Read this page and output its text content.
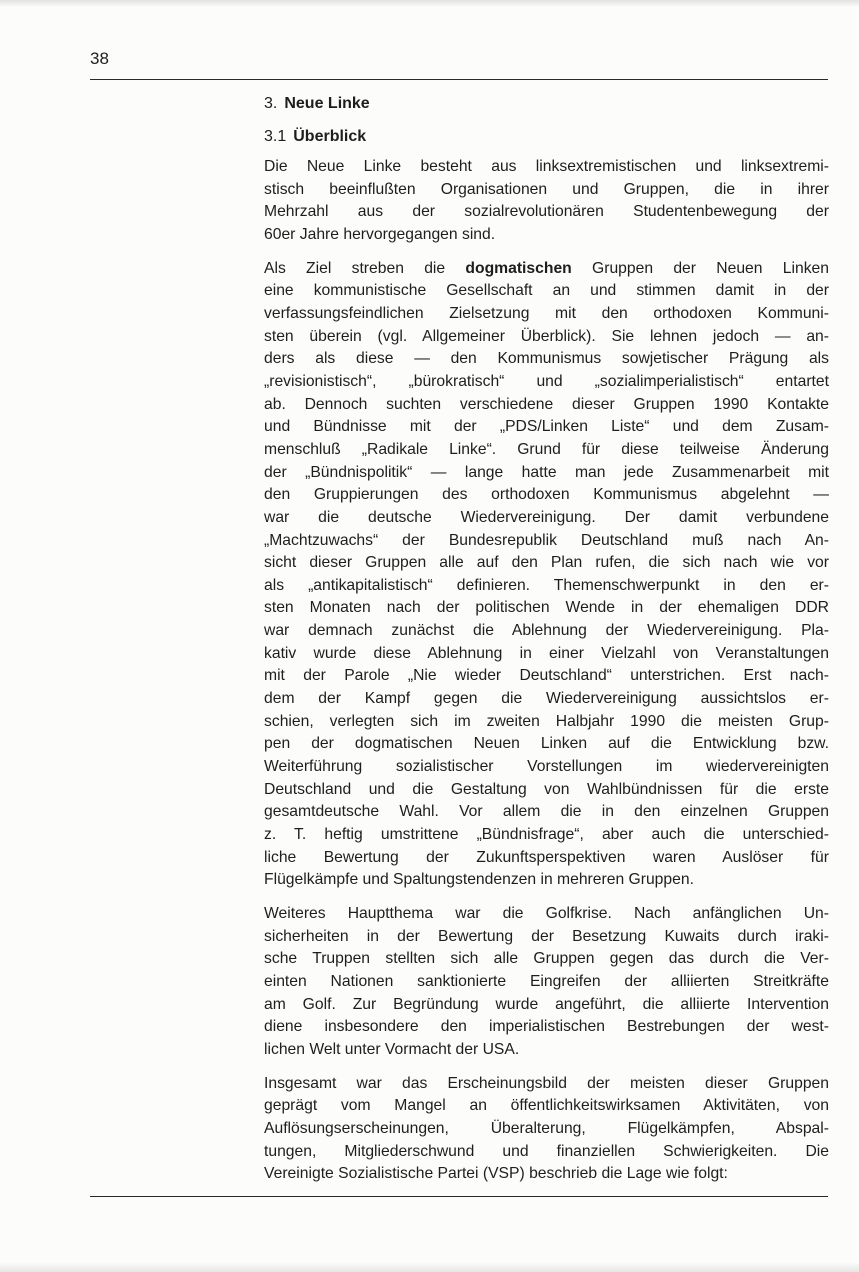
38
3. Neue Linke
3.1 Überblick
Die Neue Linke besteht aus linksextremistischen und linksextremi-
stisch beeinflußten Organisationen und Gruppen, die in ihrer
Mehrzahl aus der sozialrevolutionären Studentenbewegung der
60er Jahre hervorgegangen sind.
Als Ziel streben die dogmatischen Gruppen der Neuen Linken
eine kommunistische Gesellschaft an und stimmen damit in der
verfassungsfeindlichen Zielsetzung mit den orthodoxen Kommuni-
sten überein (vgl. Allgemeiner Überblick). Sie lehnen jedoch — an-
ders als diese — den Kommunismus sowjetischer Prägung als
„revisionistisch“, „bürokratisch“ und „sozialimperialistisch“ entartet
ab. Dennoch suchten verschiedene dieser Gruppen 1990 Kontakte
und Bündnisse mit der „PDS/Linken Liste“ und dem Zusam-
menschluß „Radikale Linke“. Grund für diese teilweise Änderung
der „Bündnispolitik“ — lange hatte man jede Zusammenarbeit mit
den Gruppierungen des orthodoxen Kommunismus abgelehnt —
war die deutsche Wiedervereinigung. Der damit verbundene
„Machtzuwachs“ der Bundesrepublik Deutschland muß nach An-
sicht dieser Gruppen alle auf den Plan rufen, die sich nach wie vor
als „antikapitalistisch“ definieren. Themenschwerpunkt in den er-
sten Monaten nach der politischen Wende in der ehemaligen DDR
war demnach zunächst die Ablehnung der Wiedervereinigung. Pla-
kativ wurde diese Ablehnung in einer Vielzahl von Veranstaltungen
mit der Parole „Nie wieder Deutschland“ unterstrichen. Erst nach-
dem der Kampf gegen die Wiedervereinigung aussichtslos er-
schien, verlegten sich im zweiten Halbjahr 1990 die meisten Grup-
pen der dogmatischen Neuen Linken auf die Entwicklung bzw.
Weiterführung sozialistischer Vorstellungen im wiedervereinigten
Deutschland und die Gestaltung von Wahlbündnissen für die erste
gesamtdeutsche Wahl. Vor allem die in den einzelnen Gruppen
z. T. heftig umstrittene „Bündnisfrage“, aber auch die unterschied-
liche Bewertung der Zukunftsperspektiven waren Auslöser für
Flügelkämpfe und Spaltungstendenzen in mehreren Gruppen.
Weiteres Hauptthema war die Golfkrise. Nach anfänglichen Un-
sicherheiten in der Bewertung der Besetzung Kuwaits durch iraki-
sche Truppen stellten sich alle Gruppen gegen das durch die Ver-
einten Nationen sanktionierte Eingreifen der alliierten Streitkräfte
am Golf. Zur Begründung wurde angeführt, die alliierte Intervention
diene insbesondere den imperialistischen Bestrebungen der west-
lichen Welt unter Vormacht der USA.
Insgesamt war das Erscheinungsbild der meisten dieser Gruppen
geprägt vom Mangel an öffentlichkeitswirksamen Aktivitäten, von
Auflösungserscheinungen, Überalterung, Flügelkämpfen, Abspal-
tungen, Mitgliederschwund und finanziellen Schwierigkeiten. Die
Vereinigte Sozialistische Partei (VSP) beschrieb die Lage wie folgt:
